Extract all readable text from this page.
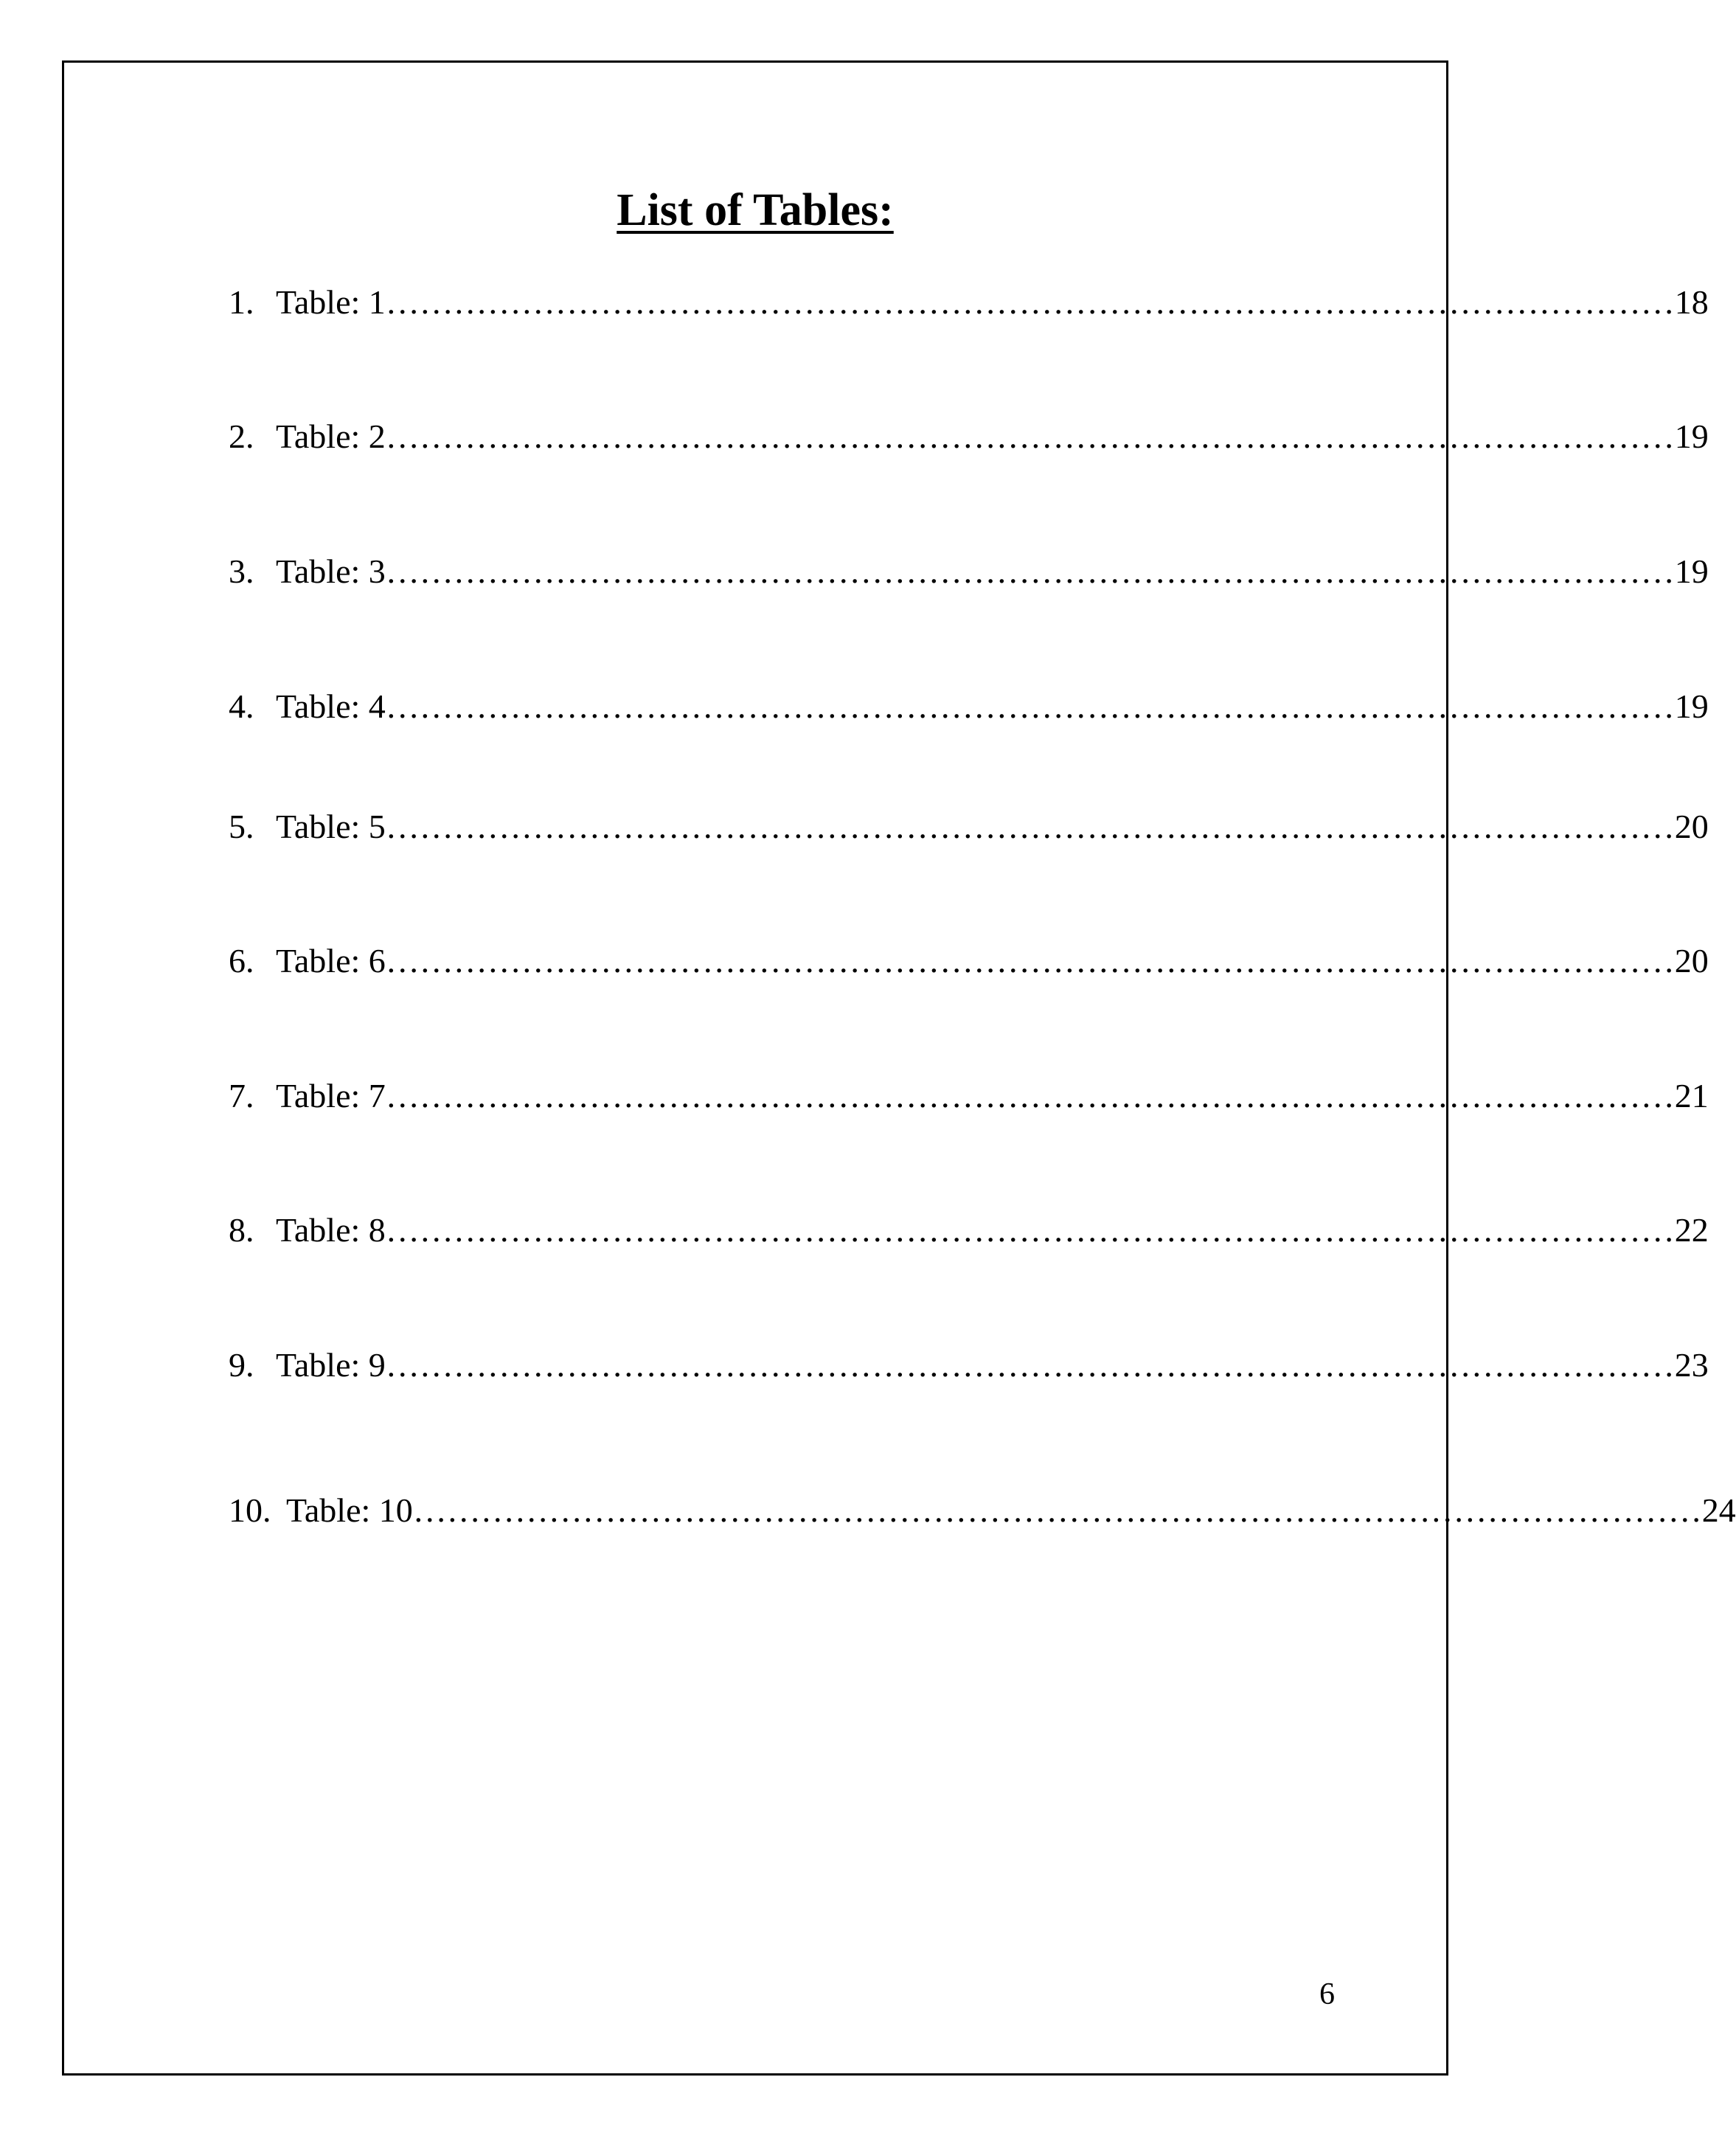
List of Tables:
1. Table: 1 …………………………………………………………………………………………………… 18
2. Table: 2 …………………………………………………………………………………………………… 19
3. Table: 3 …………………………………………………………………………………………………… 19
4. Table: 4 …………………………………………………………………………………………………… 19
5. Table: 5 …………………………………………………………………………………………………… 20
6. Table: 6 …………………………………………………………………………………………………… 20
7. Table: 7 …………………………………………………………………………………………………… 21
8. Table: 8 …………………………………………………………………………………………………… 22
9. Table: 9 …………………………………………………………………………………………………… 23
10. Table: 10 …………………………………………………………………………………………………… 24
6
